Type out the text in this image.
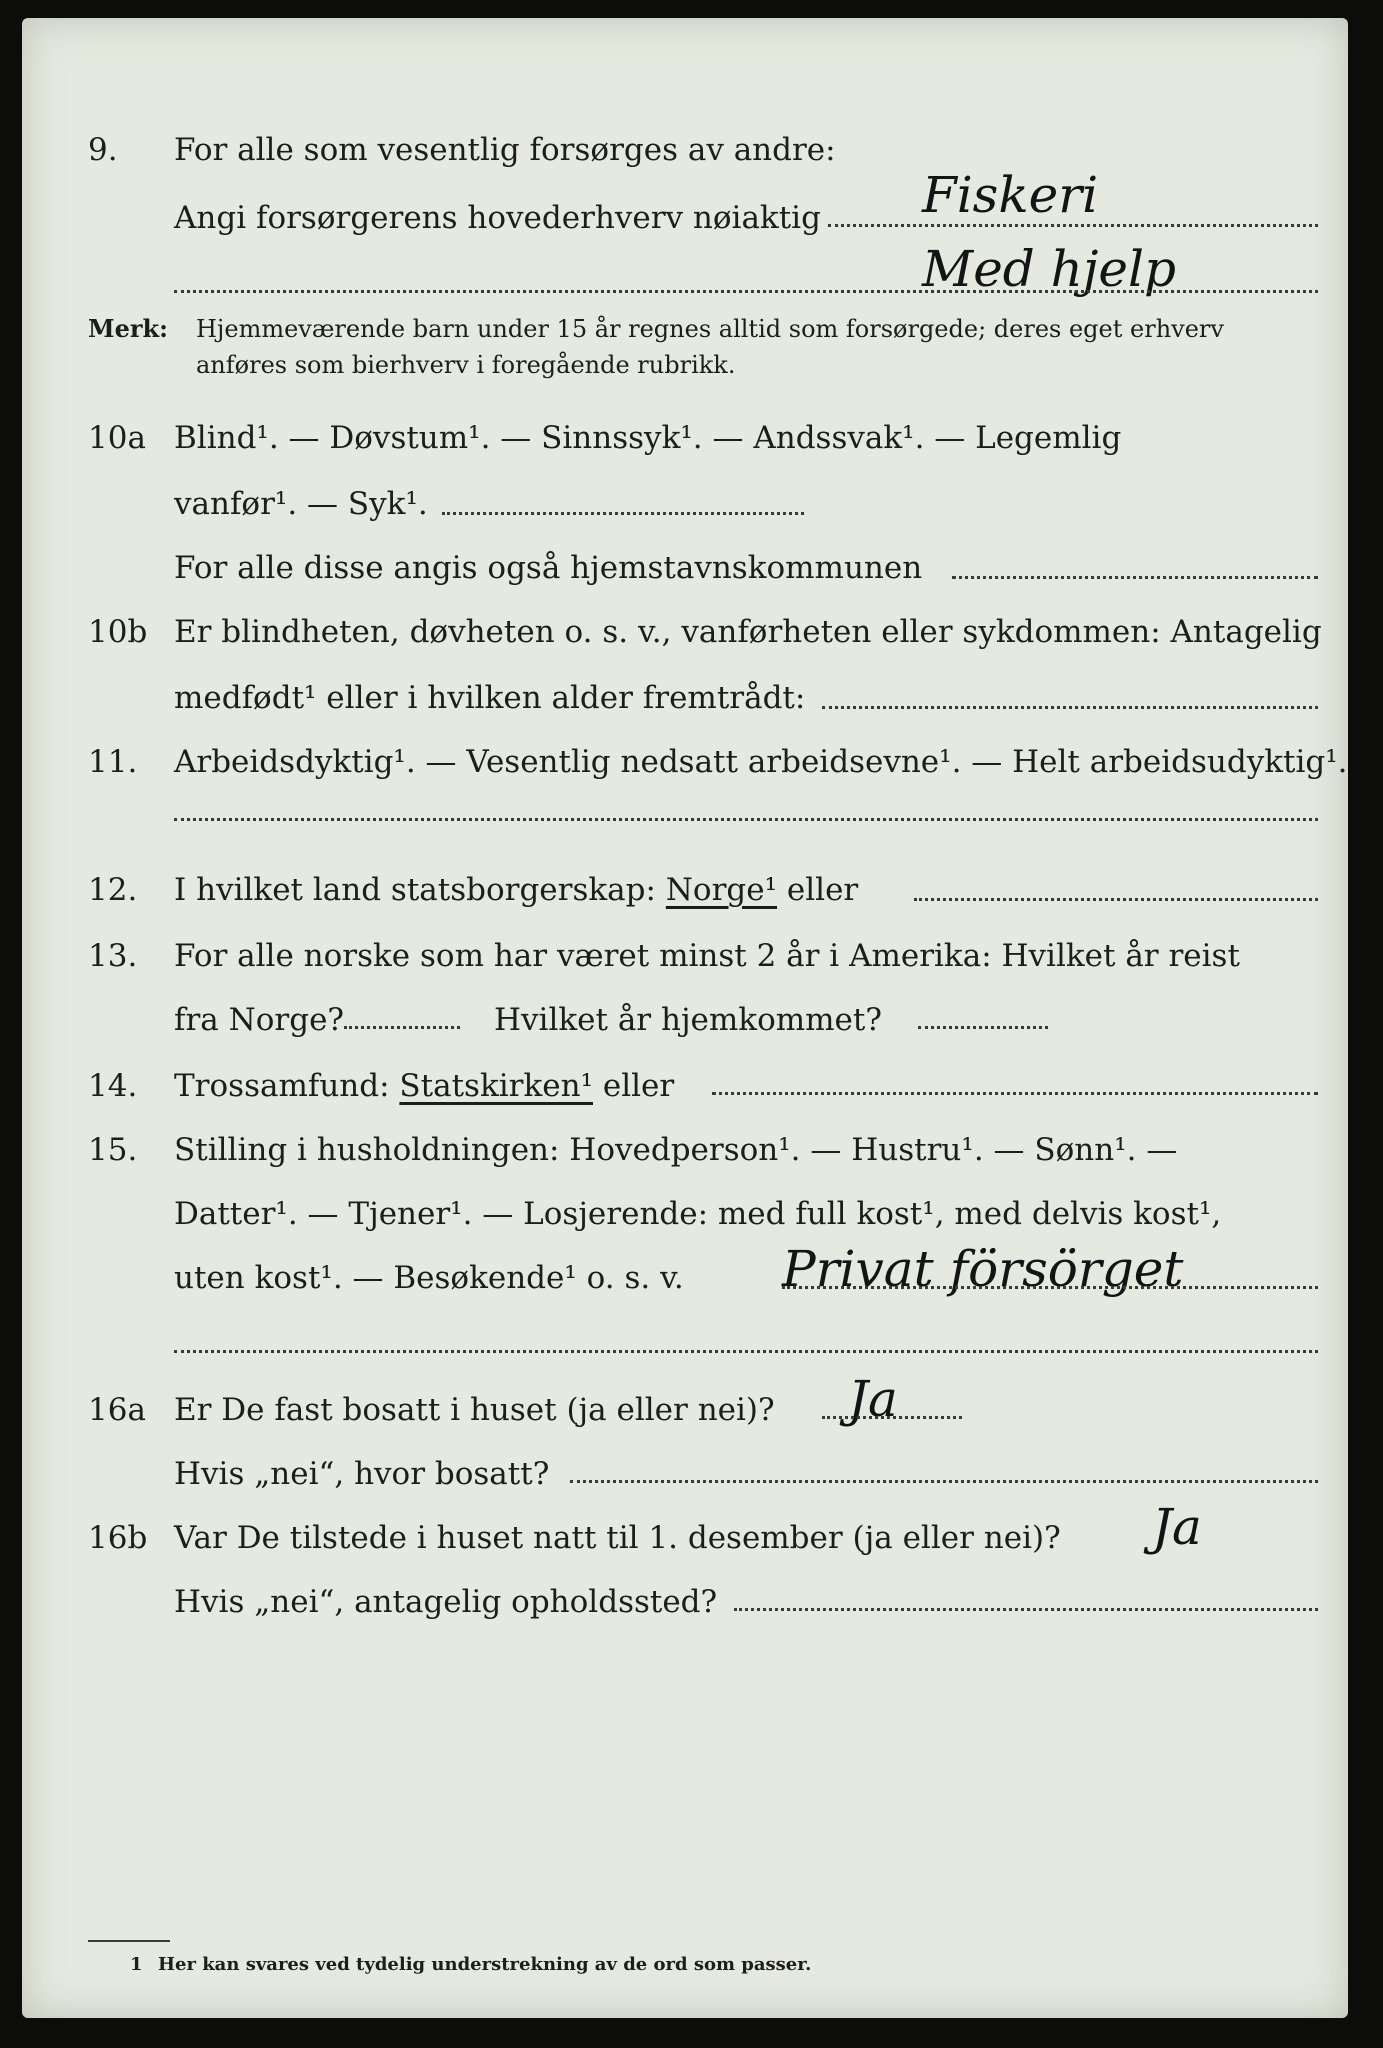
9. For alle som vesentlig forsørges av andre:
Angi forsørgerens hovederhverv nøiaktig Fiskeri
Med hjelp
Merk: Hjemmeværende barn under 15 år regnes alltid som forsørgede; deres eget erhverv
anføres som bierhverv i foregående rubrikk.
10a Blind¹. — Døvstum¹. — Sinnssyk¹. — Andssvak¹. — Legemlig
vanfør¹. — Syk¹.
For alle disse angis også hjemstavnskommunen
10b Er blindheten, døvheten o. s. v., vanførheten eller sykdommen: Antagelig
medfødt¹ eller i hvilken alder fremtrådt:
11. Arbeidsdyktig¹. — Vesentlig nedsatt arbeidsevne¹. — Helt arbeidsudyktig¹.
12. I hvilket land statsborgerskap: Norge¹ eller
13. For alle norske som har været minst 2 år i Amerika: Hvilket år reist
fra Norge?	Hvilket år hjemkommet?
14. Trossamfund: Statskirken¹ eller
15. Stilling i husholdningen: Hovedperson¹. — Hustru¹. — Sønn¹. —
Datter¹. — Tjener¹. — Losjerende: med full kost¹, med delvis kost¹,
uten kost¹. — Besøkende¹ o. s. v. Privat försörget
16a Er De fast bosatt i huset (ja eller nei)? Ja
Hvis „nei“, hvor bosatt?
16b Var De tilstede i huset natt til 1. desember (ja eller nei)? Ja
Hvis „nei“, antagelig opholdssted?
1 Her kan svares ved tydelig understrekning av de ord som passer.
